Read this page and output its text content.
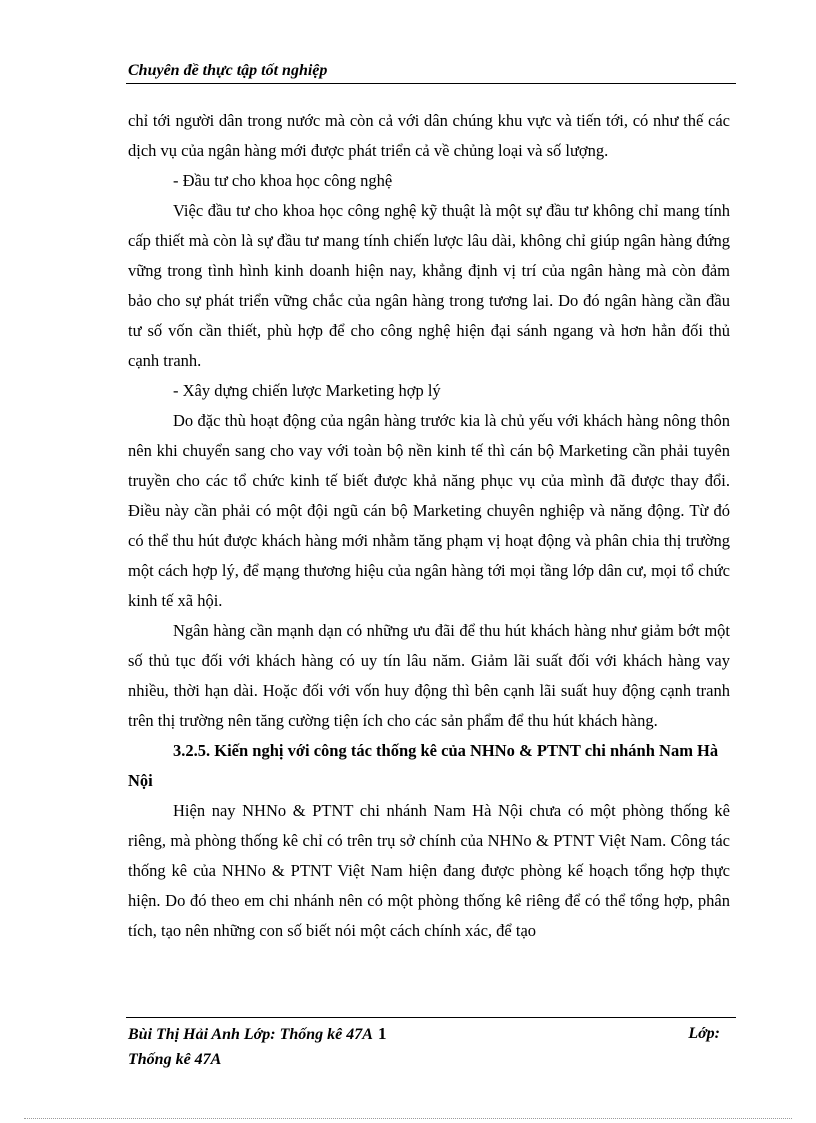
Chuyên đề thực tập tốt nghiệp

chỉ tới người dân trong nước mà còn cả với dân chúng khu vực và tiến tới, có như thế các dịch vụ của ngân hàng mới được phát triển cả về chủng loại và số lượng.

- Đầu tư cho khoa học công nghệ

Việc đầu tư cho khoa học công nghệ kỹ thuật là một sự đầu tư không chỉ mang tính cấp thiết mà còn là sự đầu tư mang tính chiến lược lâu dài, không chỉ giúp ngân hàng đứng vững trong tình hình kinh doanh hiện nay, khẳng định vị trí của ngân hàng mà còn đảm bảo cho sự phát triển vững chắc của ngân hàng trong tương lai. Do đó ngân hàng cần đầu tư số vốn cần thiết, phù hợp để cho công nghệ hiện đại sánh ngang và hơn hẳn đối thủ cạnh tranh.

- Xây dựng chiến lược Marketing hợp lý

Do đặc thù hoạt động của ngân hàng trước kia là chủ yếu với khách hàng nông thôn nên khi chuyển sang cho vay với toàn bộ nền kinh tế thì cán bộ Marketing cần phải tuyên truyền cho các tổ chức kinh tế biết được khả năng phục vụ của mình đã được thay đổi. Điều này cần phải có một đội ngũ cán bộ Marketing chuyên nghiệp và năng động. Từ đó có thể thu hút được khách hàng mới nhằm tăng phạm vị hoạt động và phân chia thị trường một cách hợp lý, để mạng thương hiệu của ngân hàng tới mọi tầng lớp dân cư, mọi tổ chức kinh tế xã hội.

Ngân hàng cần mạnh dạn có những ưu đãi để thu hút khách hàng như giảm bớt một số thủ tục đối với khách hàng có uy tín lâu năm. Giảm lãi suất đối với khách hàng vay nhiều, thời hạn dài. Hoặc đối với vốn huy động thì bên cạnh lãi suất huy động cạnh tranh trên thị trường nên tăng cường tiện ích cho các sản phẩm để thu hút khách hàng.

3.2.5. Kiến nghị với công tác thống kê của NHNo & PTNT chi nhánh Nam Hà Nội

Hiện nay NHNo & PTNT chi nhánh Nam Hà Nội chưa có một phòng thống kê riêng, mà phòng thống kê chỉ có trên trụ sở chính của NHNo & PTNT Việt Nam. Công tác thống kê của NHNo & PTNT Việt Nam hiện đang được phòng kế hoạch tổng hợp thực hiện. Do đó theo em chi nhánh nên có một phòng thống kê riêng để có thể tổng hợp, phân tích, tạo nên những con số biết nói một cách chính xác, để tạo

Bùi Thị Hải Anh Lớp: Thống kê 47A 1	Lớp:
Thống kê 47A
